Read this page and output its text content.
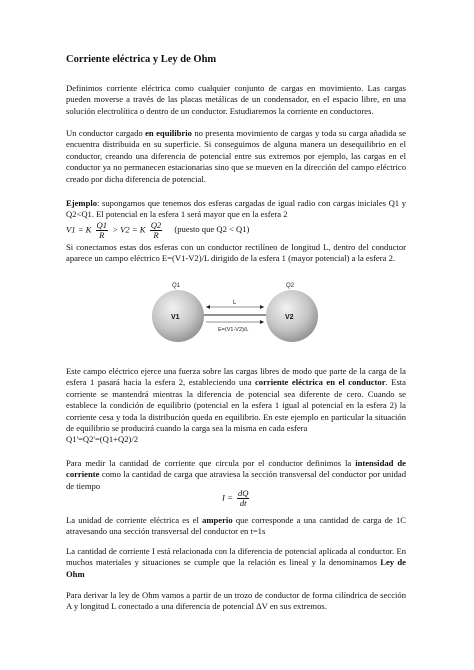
Corriente eléctrica y Ley de Ohm

Definimos corriente eléctrica como cualquier conjunto de cargas en movimiento. Las cargas pueden moverse a través de las placas metálicas de un condensador, en el espacio libre, en una solución electrolítica o dentro de un conductor. Estudiaremos la corriente en conductores.

Un conductor cargado en equilibrio no presenta movimiento de cargas y toda su carga añadida se encuentra distribuida en su superficie. Si conseguimos de alguna manera un desequilibrio en el conductor, creando una diferencia de potencial entre sus extremos por ejemplo, las cargas en el conductor ya no permanecen estacionarias sino que se mueven en la dirección del campo eléctrico creado por dicha diferencia de potencial.

Ejemplo: supongamos que tenemos dos esferas cargadas de igual radio con cargas iniciales Q1 y Q2<Q1. El potencial en la esfera 1 será mayor que en la esfera 2

V1 = K $\frac{Q1}{R} > V2 = K \frac{Q2}{R}$ (puesto que Q2 < Q1)

Si conectamos estas dos esferas con un conductor rectilíneo de longitud L, dentro del conductor aparece un campo eléctrico E=(V1-V2)/L dirigido de la esfera 1 (mayor potencial) a la esfera 2.

Q1	Q2
V1	V2
L
E=(V1-V2)/L

Este campo eléctrico ejerce una fuerza sobre las cargas libres de modo que parte de la carga de la esfera 1 pasará hacia la esfera 2, estableciendo una corriente eléctrica en el conductor. Esta corriente se mantendrá mientras la diferencia de potencial sea diferente de cero. Cuando se establece la condición de equilibrio (potencial en la esfera 1 igual al potencial en la esfera 2) la corriente cesa y toda la distribución queda en equilibrio. En este ejemplo en particular la situación de equilibrio se producirá cuando la carga sea la misma en cada esfera
Q1'=Q2'=(Q1+Q2)/2

Para medir la cantidad de corriente que circula por el conductor definimos la intensidad de corriente como la cantidad de carga que atraviesa la sección transversal del conductor por unidad de tiempo

$I = \frac{dQ}{dt}$

La unidad de corriente eléctrica es el amperio que corresponde a una cantidad de carga de 1C atravesando una sección transversal del conductor en t=1s

La cantidad de corriente I está relacionada con la diferencia de potencial aplicada al conductor. En muchos materiales y situaciones se cumple que la relación es lineal y la denominamos Ley de Ohm

Para derivar la ley de Ohm vamos a partir de un trozo de conductor de forma cilíndrica de sección A y longitud L conectado a una diferencia de potencial ΔV en sus extremos.
